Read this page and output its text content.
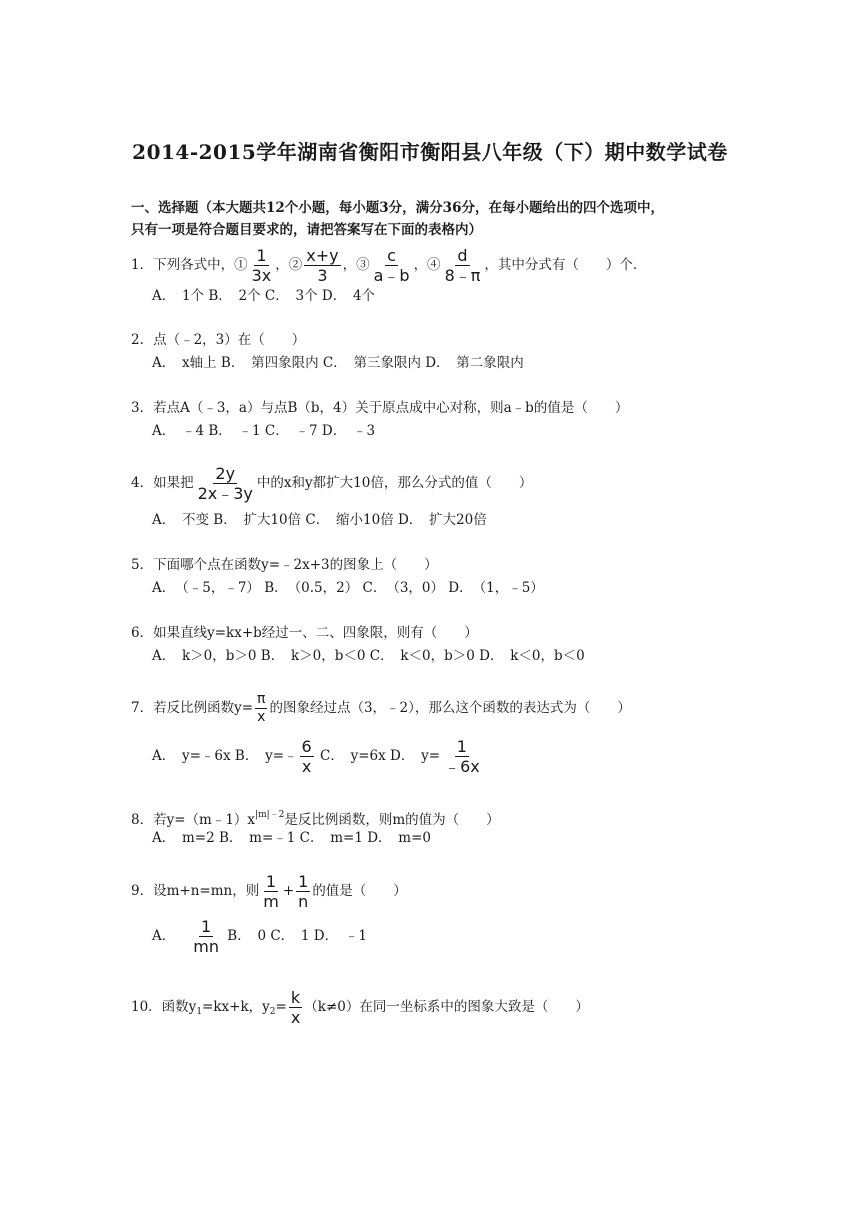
2014-2015学年湖南省衡阳市衡阳县八年级（下）期中数学试卷
一、选择题（本大题共12个小题，每小题3分，满分36分，在每小题给出的四个选项中，
只有一项是符合题目要求的，请把答案写在下面的表格内）
1．下列各式中，① $\frac{1}{3x}$ ，② $\frac{x+y}{3}$ ，③ $\frac{c}{a﹣b}$ ，④ $\frac{d}{8﹣\pi}$ ，其中分式有（　　）个．
A．　1个 B．　2个 C．　3个 D．　4个
2．点（﹣2，3）在（　　）
A．　x轴上 B．　第四象限内 C．　第三象限内 D．　第二象限内
3．若点A（﹣3，a）与点B（b，4）关于原点成中心对称，则a﹣b的值是（　　）
A．　﹣4 B．　﹣1 C．　﹣7 D．　﹣3
4．如果把 $\frac{2y}{2x﹣3y}$ 中的x和y都扩大10倍，那么分式的值（　　）
A．　不变 B．　扩大10倍 C．　缩小10倍 D．　扩大20倍
5．下面哪个点在函数y=﹣2x+3的图象上（　　）
A．　（﹣5，﹣7） B．　（0.5，2） C．　（3，0） D．　（1，﹣5）
6．如果直线y=kx+b经过一、二、四象限，则有（　　）
A．　k＞0，b＞0 B．　k＞0，b＜0 C．　k＜0，b＞0 D．　k＜0，b＜0
7．若反比例函数$y= \frac{\pi}{x}$ 的图象经过点（3，﹣2），那么这个函数的表达式为（　　）
A．　y=﹣6x B．　y=﹣ $\frac{6}{x}$ C．　y=6x D．　$y= \frac{1}{﹣6x}$
8．若$y=(m﹣1)x^{|m|﹣2}$是反比例函数，则m的值为（　　）
A．　m=2 B．　m=﹣1 C．　m=1 D．　m=0
9．设m+n=mn，则 $\frac{1}{m} + \frac{1}{n}$ 的值是（　　）
A． $\frac{1}{mn}$ B．　0 C．　1 D．　﹣1
10．函数$y_1=kx+k$，$y_2= \frac{k}{x} (k\ne 0)$在同一坐标系中的图象大致是（　　）
